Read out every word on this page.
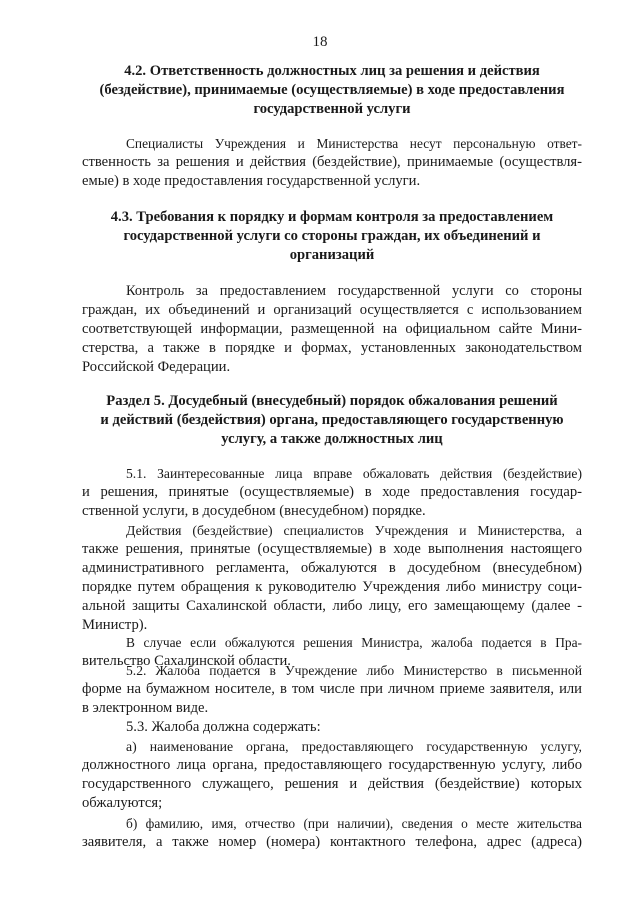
18
4.2. Ответственность должностных лиц за решения и действия
(бездействие), принимаемые (осуществляемые) в ходе предоставления
государственной услуги
Специалисты Учреждения и Министерства несут персональную ответ-
ственность за решения и действия (бездействие), принимаемые (осуществля-
емые) в ходе предоставления государственной услуги.
4.3. Требования к порядку и формам контроля за предоставлением
государственной услуги со стороны граждан, их объединений и
организаций
Контроль за предоставлением государственной услуги со стороны
граждан, их объединений и организаций осуществляется с использованием
соответствующей информации, размещенной на официальном сайте Мини-
стерства, а также в порядке и формах, установленных законодательством
Российской Федерации.
Раздел 5. Досудебный (внесудебный) порядок обжалования решений
и действий (бездействия) органа, предоставляющего государственную
услугу, а также должностных лиц
5.1. Заинтересованные лица вправе обжаловать действия (бездействие)
и решения, принятые (осуществляемые) в ходе предоставления государ-
ственной услуги, в досудебном (внесудебном) порядке.
Действия (бездействие) специалистов Учреждения и Министерства, а
также решения, принятые (осуществляемые) в ходе выполнения настоящего
административного регламента, обжалуются в досудебном (внесудебном)
порядке путем обращения к руководителю Учреждения либо министру соци-
альной защиты Сахалинской области, либо лицу, его замещающему (далее -
Министр).
В случае если обжалуются решения Министра, жалоба подается в Пра-
вительство Сахалинской области.
5.2. Жалоба подается в Учреждение либо Министерство в письменной
форме на бумажном носителе, в том числе при личном приеме заявителя, или
в электронном виде.
5.3. Жалоба должна содержать:
а) наименование органа, предоставляющего государственную услугу,
должностного лица органа, предоставляющего государственную услугу, либо
государственного служащего, решения и действия (бездействие) которых
обжалуются;
б) фамилию, имя, отчество (при наличии), сведения о месте жительства
заявителя, а также номер (номера) контактного телефона, адрес (адреса)
